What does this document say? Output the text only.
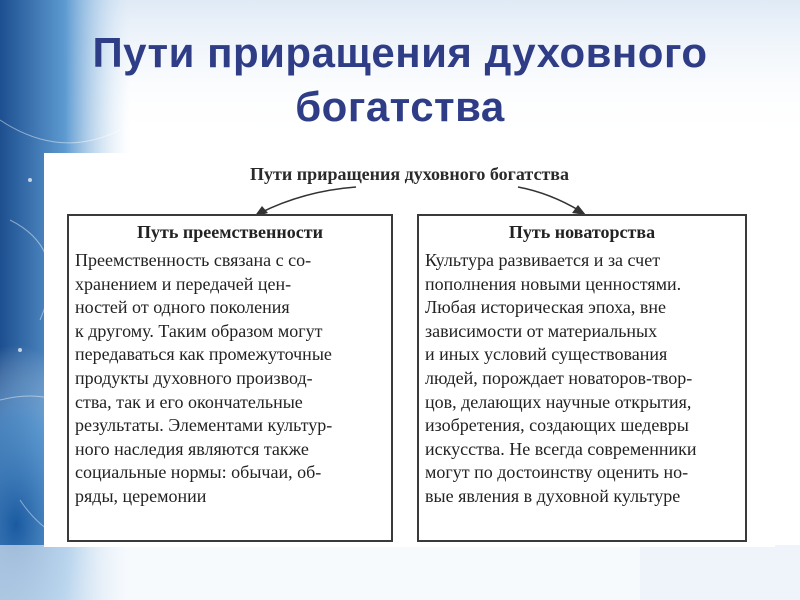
Пути приращения духовного
богатства
Пути приращения духовного богатства
Путь преемственности
Преемственность связана с со-
хранением и передачей цен-
ностей от одного поколения
к другому. Таким образом могут
передаваться как промежуточные
продукты духовного производ-
ства, так и его окончательные
результаты. Элементами культур-
ного наследия являются также
социальные нормы: обычаи, об-
ряды, церемонии
Путь новаторства
Культура развивается и за счет
пополнения новыми ценностями.
Любая историческая эпоха, вне
зависимости от материальных
и иных условий существования
людей, порождает новаторов-твор-
цов, делающих научные открытия,
изобретения, создающих шедевры
искусства. Не всегда современники
могут по достоинству оценить но-
вые явления в духовной культуре
